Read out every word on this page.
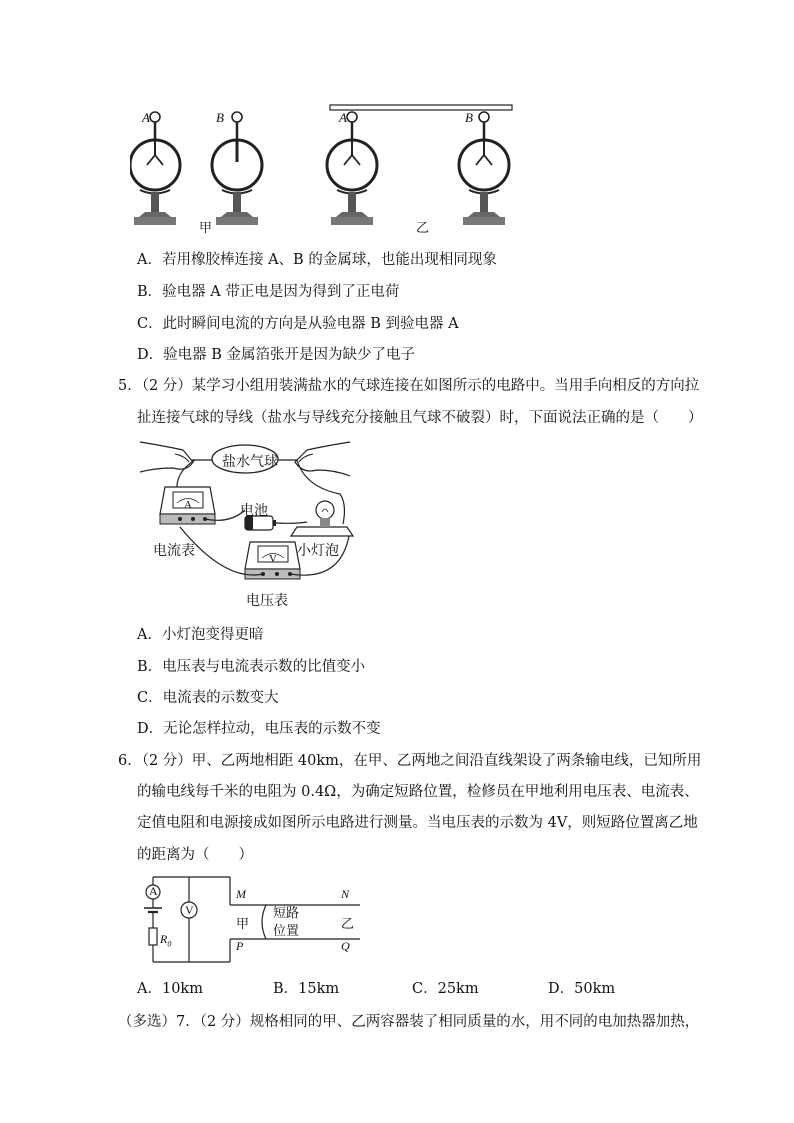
A	B	A	B
甲	乙
A．若用橡胶棒连接 A、B 的金属球，也能出现相同现象
B．验电器 A 带正电是因为得到了正电荷
C．此时瞬间电流的方向是从验电器 B 到验电器 A
D．验电器 B 金属箔张开是因为缺少了电子
5．（2 分）某学习小组用装满盐水的气球连接在如图所示的电路中。当用手向相反的方向拉
扯连接气球的导线（盐水与导线充分接触且气球不破裂）时，下面说法正确的是（　　）
盐水气球
电池
A
电流表	小灯泡
V
电压表
A．小灯泡变得更暗
B．电压表与电流表示数的比值变小
C．电流表的示数变大
D．无论怎样拉动，电压表的示数不变
6．（2 分）甲、乙两地相距 40km，在甲、乙两地之间沿直线架设了两条输电线，已知所用
的输电线每千米的电阻为 0.4Ω，为确定短路位置，检修员在甲地利用电压表、电流表、
定值电阻和电源接成如图所示电路进行测量。当电压表的示数为 4V，则短路位置离乙地
的距离为（　　）
A
V
$R_0$
M	N
P	Q
甲	乙
短路
位置
A．10km	B．15km	C．25km	D．50km
（多选）7．（2 分）规格相同的甲、乙两容器装了相同质量的水，用不同的电加热器加热，
